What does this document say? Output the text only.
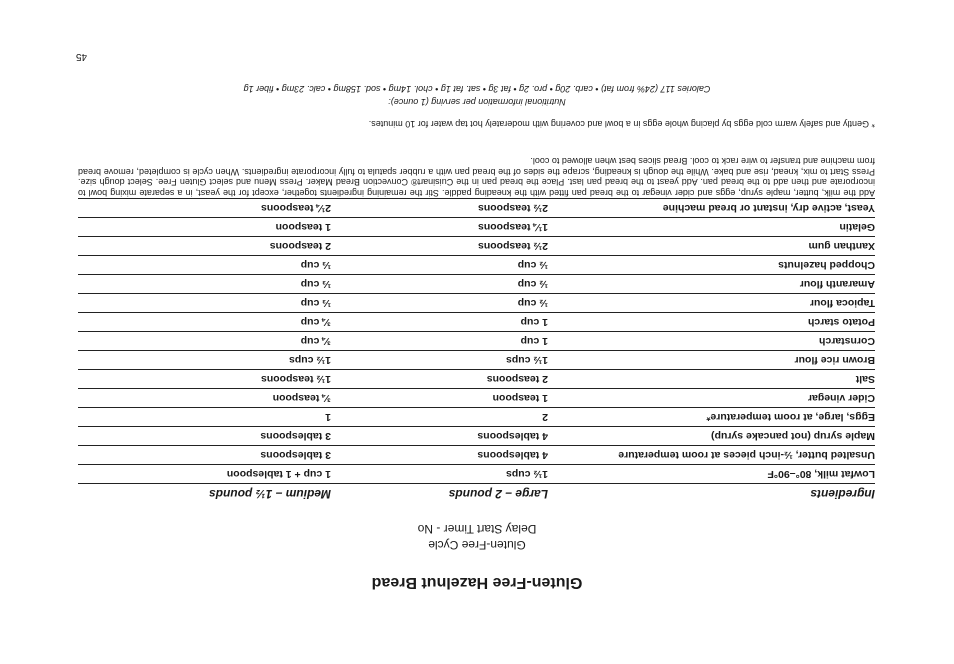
Gluten-Free Hazelnut Bread
Gluten-Free Cycle
Delay Start Timer - No
Ingredients	Large – 2 pounds	Medium – 1½ pounds
Lowfat milk, 80°–90°F	1½ cups	1 cup + 1 tablespoon
Unsalted butter, ½-inch pieces at room temperature	4 tablespoons	3 tablespoons
Maple syrup (not pancake syrup)	4 tablespoons	3 tablespoons
Eggs, large, at room temperature*	2	1
Cider vinegar	1 teaspoon	¾ teaspoon
Salt	2 teaspoons	1½ teaspoons
Brown rice flour	1½ cups	1½ cups
Cornstarch	1 cup	¾ cup
Potato starch	1 cup	¾ cup
Tapioca flour	½ cup	⅓ cup
Amaranth flour	½ cup	⅓ cup
Chopped hazelnuts	½ cup	⅓ cup
Xanthan gum	2½ teaspoons	2 teaspoons
Gelatin	1¼ teaspoons	1 teaspoon
Yeast, active dry, instant or bread machine	2½ teaspoons	2¼ teaspoons

Add the milk, butter, maple syrup, eggs and cider vinegar to the bread pan fitted with the kneading paddle. Stir the remaining ingredients together, except for the yeast, in a separate mixing bowl to incorporate and then add to the bread pan. Add yeast to the bread pan last. Place the bread pan in the Cuisinart® Convection Bread Maker. Press Menu and select Gluten Free. Select dough size. Press Start to mix, knead, rise and bake. While the dough is kneading, scrape the sides of the bread pan with a rubber spatula to fully incorporate ingredients. When cycle is completed, remove bread from machine and transfer to wire rack to cool. Bread slices best when allowed to cool.

* Gently and safely warm cold eggs by placing whole eggs in a bowl and covering with moderately hot tap water for 10 minutes.
Nutritional information per serving (1 ounce):
Calories 117 (24% from fat) • carb. 20g • pro. 2g • fat 3g • sat. fat 1g • chol. 14mg • sod. 158mg • calc. 23mg • fiber 1g
45
